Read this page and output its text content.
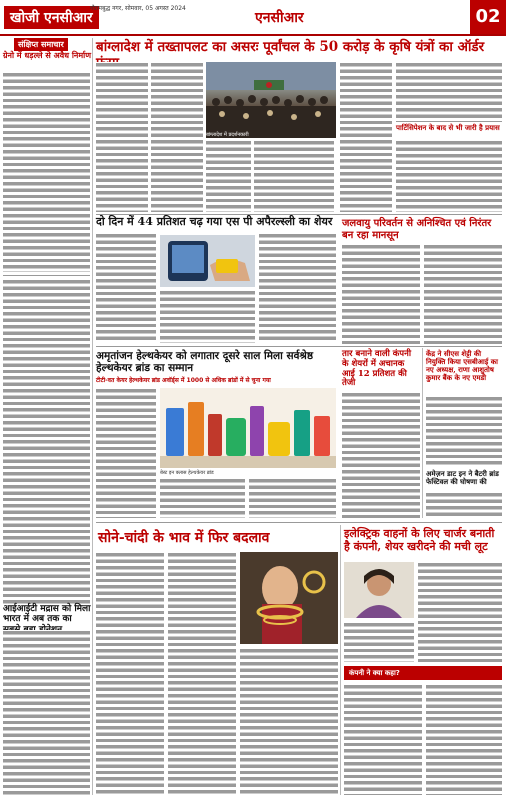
खोजी एनसीआर
गौतमबुद्ध नगर, सोमवार, 05 अगस्त 2024
एनसीआर	02
संक्षिप्त समाचार
ग्रेनो में धड़ल्ले से अवैध निर्माण
आईआईटी मद्रास को मिला भारत में अब तक का सबसे बड़ा डोनेशन
बांग्लादेश में तख्तापलट का असरः पूर्वांचल के 50 करोड़ के कृषि यंत्रों का ऑर्डर फंसा
बांग्लादेश में प्रदर्शनकारी
पार्टिसिपेशन के बाद से भी जारी है प्रयास
दो दिन में 44 प्रतिशत चढ़ गया एस पी अपैरल्स्ली का शेयर जलवायु परिवर्तन से अनिश्चित एवं निरंतर बन रहा मानसून
अमृतांजन हेल्थकेयर को लगातार दूसरे साल मिला सर्वश्रेष्ठ हेल्थकेयर ब्रांड का सम्मान
टीटी-वत केयर हेल्थकेयर ब्रांड अवॉर्ड्स में 1000 से अधिक ब्रांडों में से चुना गया
बेस्ट इन क्लास हेल्थकेयर ब्रांड
तार बनाने वाली कंपनी के शेयरों में अचानक आई 12 प्रतिशत की तेजी
केंद्र ने सीएस शेट्टी की नियुक्ति किया एसबीआई का नए अध्यक्ष, राणा आशुतोष कुमार बैंक के नए एमडी
अमेज़न डाट इन ने बैटरी ब्रांड फेस्टिवल की घोषणा की
सोने-चांदी के भाव में फिर बदलाव	इलेक्ट्रिक वाहनों के लिए चार्जर बनाती है कंपनी, शेयर खरीदने की मची लूट
कंपनी ने क्या कहा?
